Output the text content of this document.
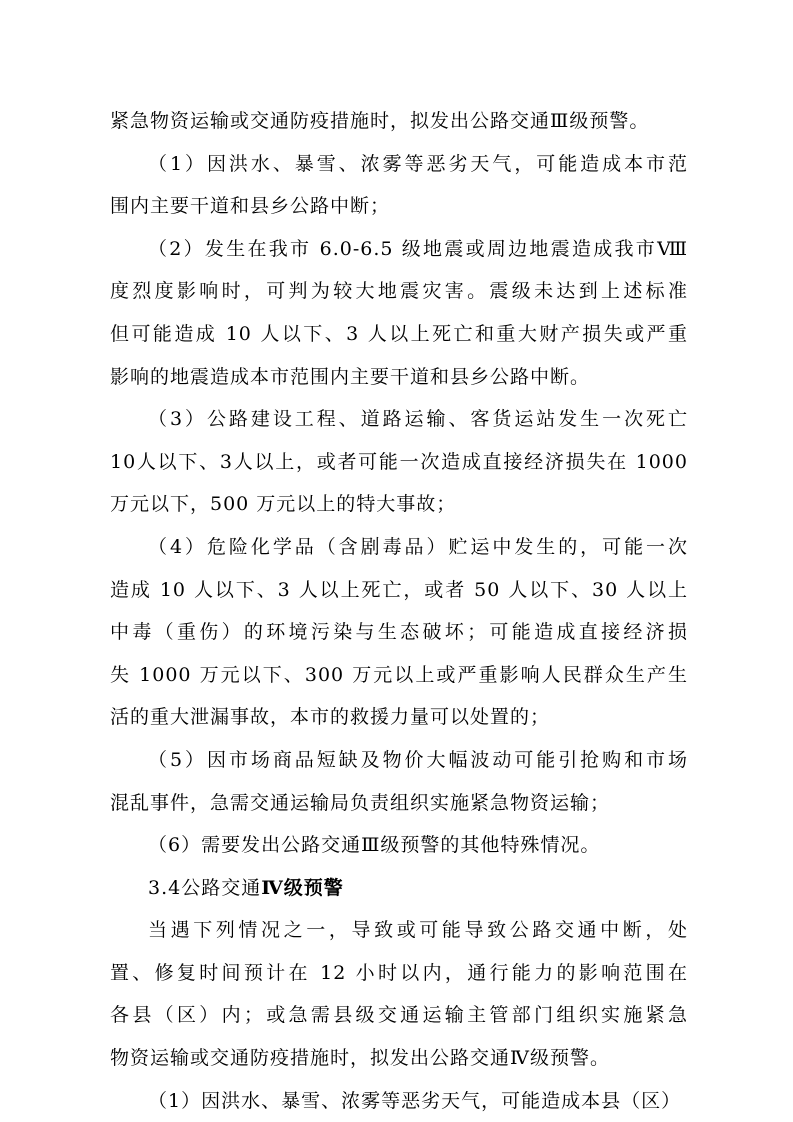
紧急物资运输或交通防疫措施时，拟发出公路交通Ⅲ级预警。

（1）因洪水、暴雪、浓雾等恶劣天气，可能造成本市范

围内主要干道和县乡公路中断；

（2）发生在我市 6.0-6.5 级地震或周边地震造成我市Ⅷ

度烈度影响时，可判为较大地震灾害。震级未达到上述标准

但可能造成 10 人以下、3 人以上死亡和重大财产损失或严重

影响的地震造成本市范围内主要干道和县乡公路中断。

（3）公路建设工程、道路运输、客货运站发生一次死亡

10人以下、3人以上，或者可能一次造成直接经济损失在 1000

万元以下，500 万元以上的特大事故；

（4）危险化学品（含剧毒品）贮运中发生的，可能一次

造成 10 人以下、3 人以上死亡，或者 50 人以下、30 人以上

中毒（重伤）的环境污染与生态破坏；可能造成直接经济损

失 1000 万元以下、300 万元以上或严重影响人民群众生产生

活的重大泄漏事故，本市的救援力量可以处置的；

（5）因市场商品短缺及物价大幅波动可能引抢购和市场

混乱事件，急需交通运输局负责组织实施紧急物资运输；

（6）需要发出公路交通Ⅲ级预警的其他特殊情况。

3.4公路交通Ⅳ级预警

当遇下列情况之一，导致或可能导致公路交通中断，处

置、修复时间预计在 12 小时以内，通行能力的影响范围在

各县（区）内；或急需县级交通运输主管部门组织实施紧急

物资运输或交通防疫措施时，拟发出公路交通Ⅳ级预警。

（1）因洪水、暴雪、浓雾等恶劣天气，可能造成本县（区）
